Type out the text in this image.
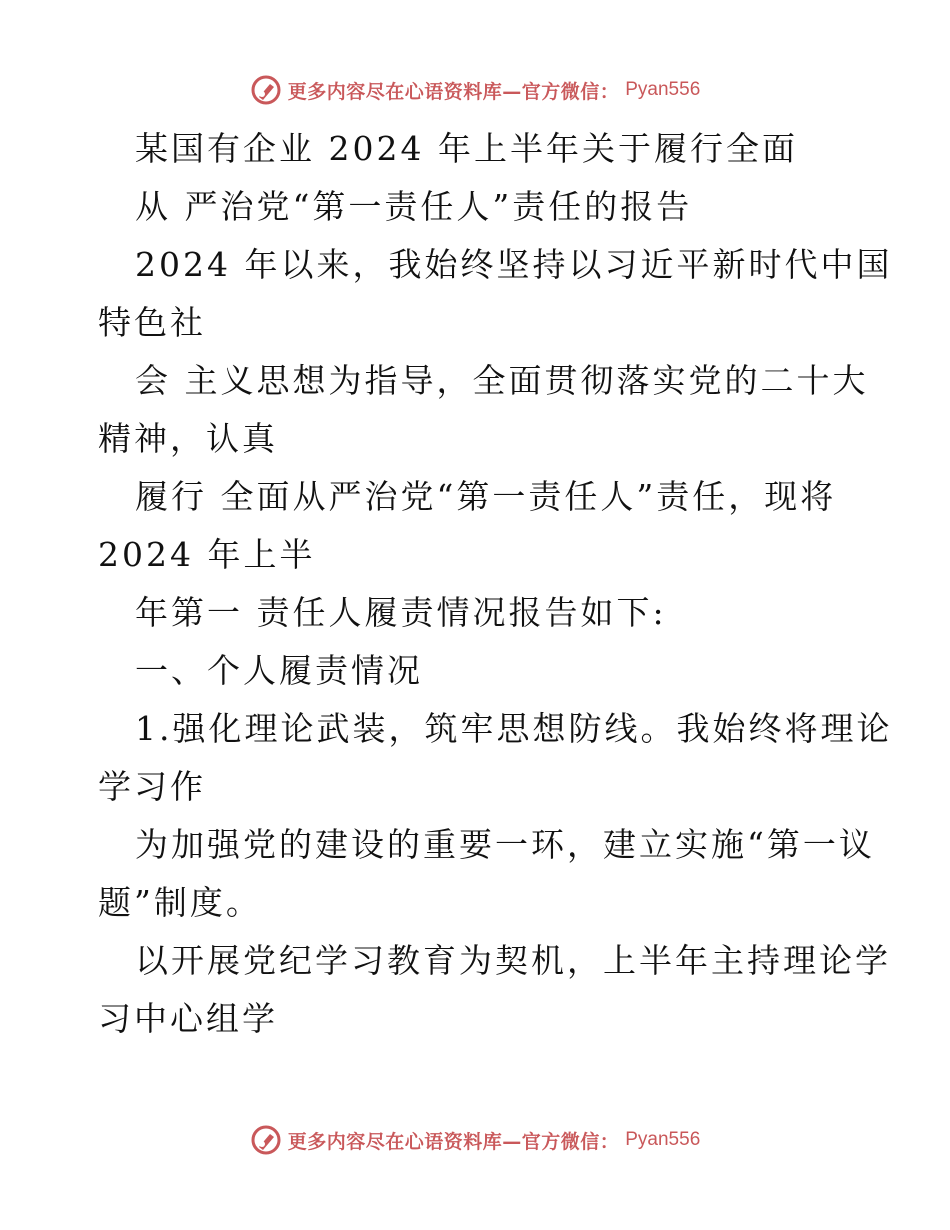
更多内容尽在心语资料库—官方微信： Pyan556
某国有企业 2024 年上半年关于履行全面
从 严治党“第一责任人”责任的报告
2024 年以来，我始终坚持以习近平新时代中国
特色社
会 主义思想为指导，全面贯彻落实党的二十大
精神，认真
履行 全面从严治党“第一责任人”责任，现将
2024 年上半
年第一 责任人履责情况报告如下:
一、个人履责情况
1.强化理论武装，筑牢思想防线。我始终将理论
学习作
为加强党的建设的重要一环，建立实施“第一议
题”制度。
以开展党纪学习教育为契机，上半年主持理论学
习中心组学
更多内容尽在心语资料库—官方微信： Pyan556
